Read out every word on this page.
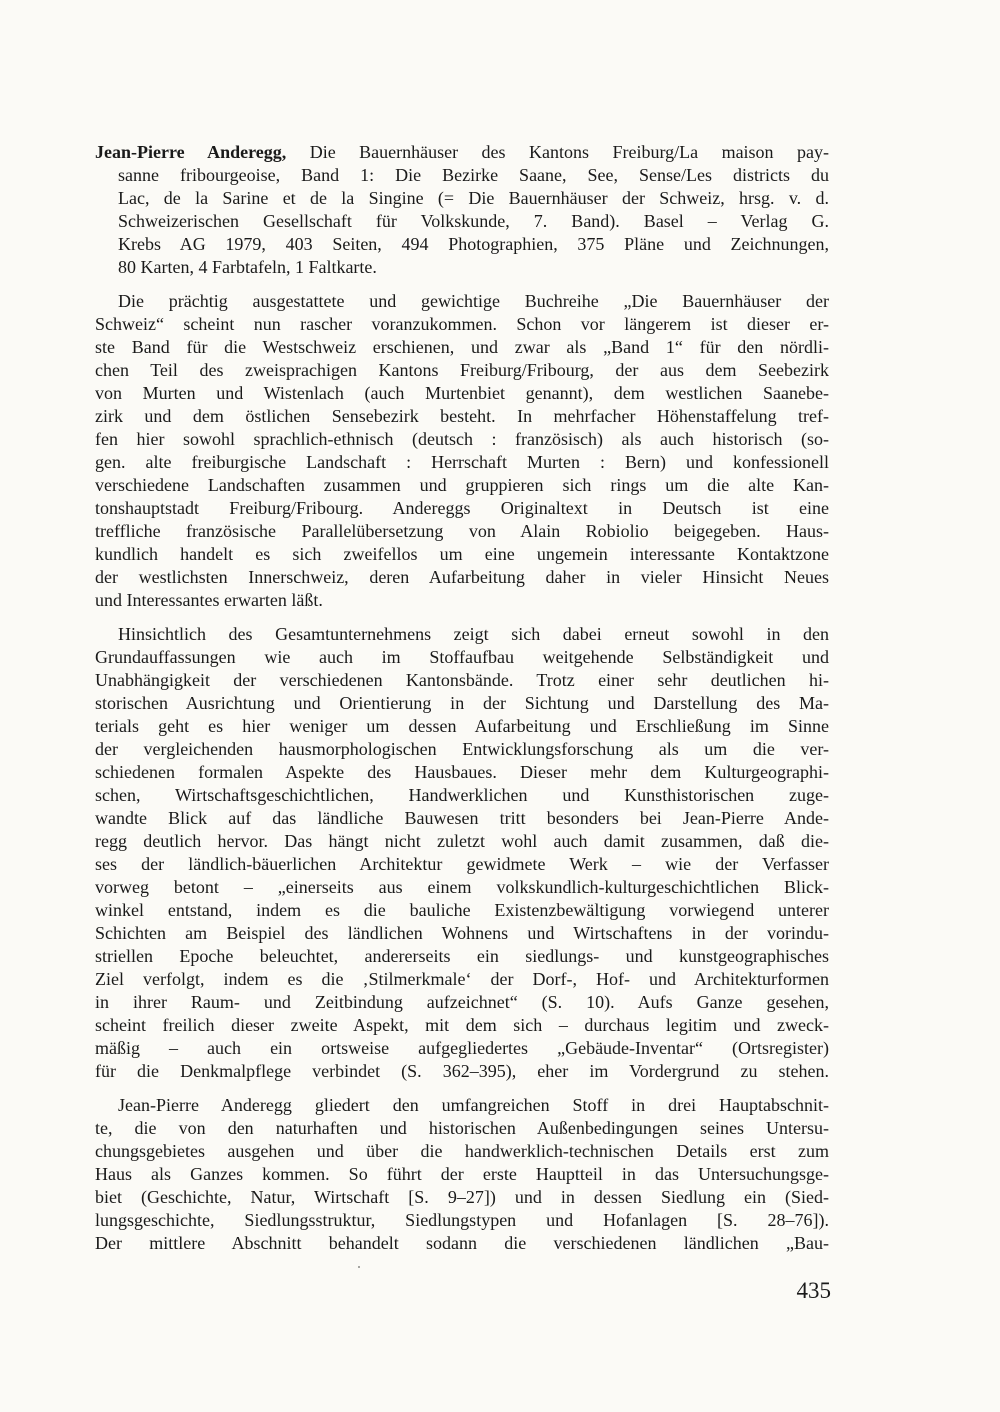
Jean-Pierre Anderegg, Die Bauernhäuser des Kantons Freiburg/La maison pay-
sanne fribourgeoise, Band 1: Die Bezirke Saane, See, Sense/Les districts du
Lac, de la Sarine et de la Singine (= Die Bauernhäuser der Schweiz, hrsg. v. d.
Schweizerischen Gesellschaft für Volkskunde, 7. Band). Basel – Verlag G.
Krebs AG 1979, 403 Seiten, 494 Photographien, 375 Pläne und Zeichnungen,
80 Karten, 4 Farbtafeln, 1 Faltkarte.
Die prächtig ausgestattete und gewichtige Buchreihe „Die Bauernhäuser der
Schweiz“ scheint nun rascher voranzukommen. Schon vor längerem ist dieser er-
ste Band für die Westschweiz erschienen, und zwar als „Band 1“ für den nördli-
chen Teil des zweisprachigen Kantons Freiburg/Fribourg, der aus dem Seebezirk
von Murten und Wistenlach (auch Murtenbiet genannt), dem westlichen Saanebe-
zirk und dem östlichen Sensebezirk besteht. In mehrfacher Höhenstaffelung tref-
fen hier sowohl sprachlich-ethnisch (deutsch : französisch) als auch historisch (so-
gen. alte freiburgische Landschaft : Herrschaft Murten : Bern) und konfessionell
verschiedene Landschaften zusammen und gruppieren sich rings um die alte Kan-
tonshauptstadt Freiburg/Fribourg. Andereggs Originaltext in Deutsch ist eine
treffliche französische Parallelübersetzung von Alain Robiolio beigegeben. Haus-
kundlich handelt es sich zweifellos um eine ungemein interessante Kontaktzone
der westlichsten Innerschweiz, deren Aufarbeitung daher in vieler Hinsicht Neues
und Interessantes erwarten läßt.
Hinsichtlich des Gesamtunternehmens zeigt sich dabei erneut sowohl in den
Grundauffassungen wie auch im Stoffaufbau weitgehende Selbständigkeit und
Unabhängigkeit der verschiedenen Kantonsbände. Trotz einer sehr deutlichen hi-
storischen Ausrichtung und Orientierung in der Sichtung und Darstellung des Ma-
terials geht es hier weniger um dessen Aufarbeitung und Erschließung im Sinne
der vergleichenden hausmorphologischen Entwicklungsforschung als um die ver-
schiedenen formalen Aspekte des Hausbaues. Dieser mehr dem Kulturgeographi-
schen, Wirtschaftsgeschichtlichen, Handwerklichen und Kunsthistorischen zuge-
wandte Blick auf das ländliche Bauwesen tritt besonders bei Jean-Pierre Ande-
regg deutlich hervor. Das hängt nicht zuletzt wohl auch damit zusammen, daß die-
ses der ländlich-bäuerlichen Architektur gewidmete Werk – wie der Verfasser
vorweg betont – „einerseits aus einem volkskundlich-kulturgeschichtlichen Blick-
winkel entstand, indem es die bauliche Existenzbewältigung vorwiegend unterer
Schichten am Beispiel des ländlichen Wohnens und Wirtschaftens in der vorindu-
striellen Epoche beleuchtet, andererseits ein siedlungs- und kunstgeographisches
Ziel verfolgt, indem es die ‚Stilmerkmale‘ der Dorf-, Hof- und Architekturformen
in ihrer Raum- und Zeitbindung aufzeichnet“ (S. 10). Aufs Ganze gesehen,
scheint freilich dieser zweite Aspekt, mit dem sich – durchaus legitim und zweck-
mäßig – auch ein ortsweise aufgegliedertes „Gebäude-Inventar“ (Ortsregister)
für die Denkmalpflege verbindet (S. 362–395), eher im Vordergrund zu stehen.
Jean-Pierre Anderegg gliedert den umfangreichen Stoff in drei Hauptabschnit-
te, die von den naturhaften und historischen Außenbedingungen seines Untersu-
chungsgebietes ausgehen und über die handwerklich-technischen Details erst zum
Haus als Ganzes kommen. So führt der erste Hauptteil in das Untersuchungsge-
biet (Geschichte, Natur, Wirtschaft [S. 9–27]) und in dessen Siedlung ein (Sied-
lungsgeschichte, Siedlungsstruktur, Siedlungstypen und Hofanlagen [S. 28–76]).
Der mittlere Abschnitt behandelt sodann die verschiedenen ländlichen „Bau-
435
